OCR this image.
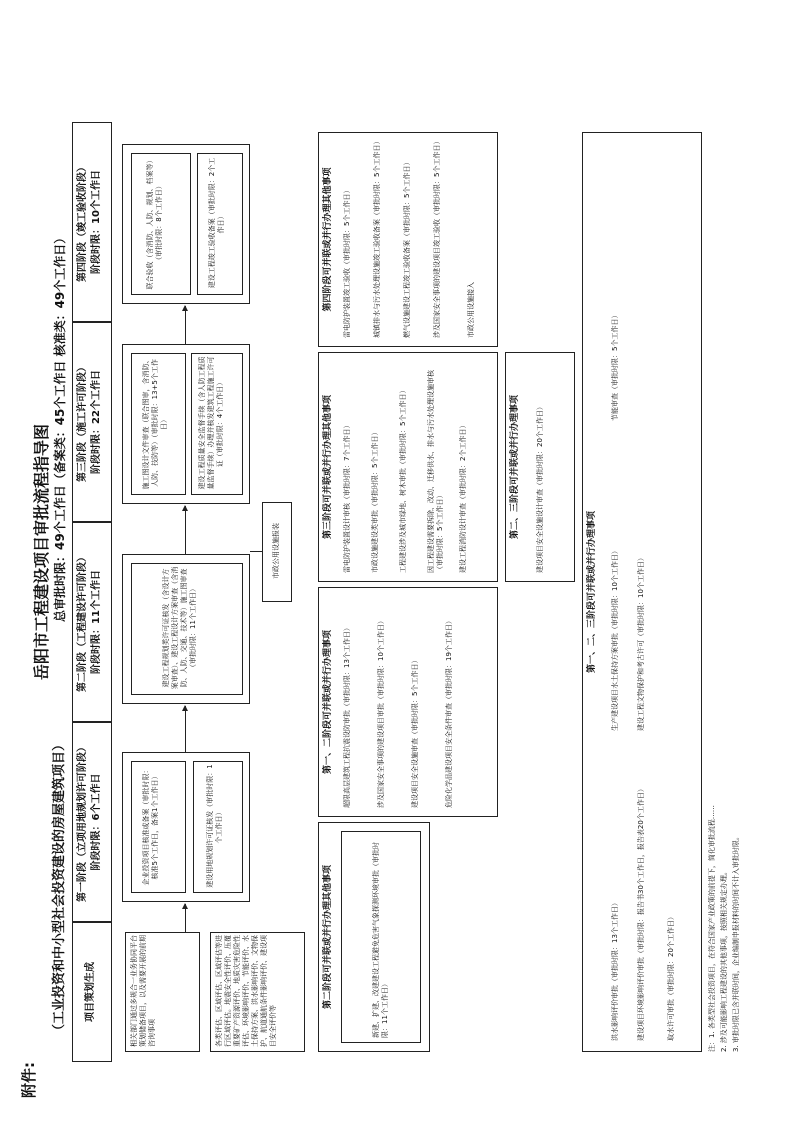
附件:
岳阳市工程建设项目审批流程指导图
（工业投资和中小型社会投资建设的房屋建筑项目）
总审批时限：49个工作日（备案类：45个工作日 核准类：49个工作日）
项目策划生成
第一阶段（立项用地规划许可阶段） 阶段时限：6个工作日
第二阶段（工程建设许可阶段） 阶段时限：11个工作日
第三阶段（施工许可阶段） 阶段时限：22个工作日
第四阶段（竣工验收阶段） 阶段时限：10个工作日
相关部门通过多规合一业务协同平台策划储备项目，以及需要开展的前期咨询事项	各类评估、区域评估、区域评估等进行区域评估。地震安全性评价、压覆重要矿产资源评价、地质灾害危险性评估、环境影响评价、节能评价、水土保持方案、洪水影响评价、文物保护、航道通航条件影响评价、建设项目安全评价等
企业投资项目核准或备案（审批时限：核准5个工作日，备案1个工作日）	建设用地规划许可证核发（审批时限：1个工作日）
建设工程规划类许可证核发（含设计方案审查）、建设工程设计方案审查（含消防、人防、交通、技术等）施工图审查（审批时限：11个工作日）
施工图设计文件审查（联合图审，含消防、人防、技防等）（审批时限：13+5个工作日）	建设工程质量安全监督手续（含人防工程质量监督手续）办理并核发建筑工程施工许可证（审批时限：4个工作日）
联合验收（含消防、人防、规划、档案等）（审批时限：8个工作日）	建设工程竣工验收备案（审批时限：2个工作日）
市政公用设施报装
第二阶段可并联或并行办理其他事项	新建、扩建、改建建设工程避免危害气象探测环境审批（审批时限：11个工作日）
第一、二阶段可并联或并行办理事项 超限高层建筑工程抗震设防审批（审批时限：13个工作日）	涉及国家安全事项的建设项目审批（审批时限：10个工作日）	建设项目安全设施审查（审批时限：5个工作日）	危险化学品建设项目安全条件审查（审批时限：19个工作日）
第三阶段可并联或并行办理其他事项 雷电防护装置设计审核（审批时限：7个工作日）	市政设施建设类审批（审批时限：5个工作日）	工程建设涉及城市绿地、树木审批（审批时限：5个工作日）	因工程建设需要拆除、改动、迁移供水、排水与污水处理设施审核（审批时限：5个工作日） 建设工程消防设计审查（审批时限：2个工作日）
第四阶段可并联或并行办理其他事项 雷电防护装置竣工验收（审批时限：5个工作日）	城镇排水与污水处理设施竣工验收备案（审批时限：5个工作日）	燃气设施建设工程竣工验收备案（审批时限：5个工作日）	涉及国家安全事项的建设项目竣工验收（审批时限：5个工作日）	市政公用设施接入
第二、三阶段可并联或并行办理事项 建设项目安全设施设计审查（审批时限：20个工作日）
第一、二、三阶段可并联或并行办理事项
洪水影响评价审批（审批时限：13个工作日）	建设项目环境影响评价审批（审批时限：报告书30个工作日，报告表20个工作日）	取水许可审批（审批时限：20个工作日）
生产建设项目水土保持方案审批（审批时限：10个工作日）	建设工程文物保护和考古许可（审批时限：10个工作日）
节能审查（审批时限：5个工作日）
注：1. 各类型社会投资项目，在符合国家产业政策的前提下，简化审批流程…… 2. 涉及可能影响工程建设的其他事项，按照相关规定办理。 3. 审批时限已含并联时间，企业编制申报材料的时间不计入审批时限。
